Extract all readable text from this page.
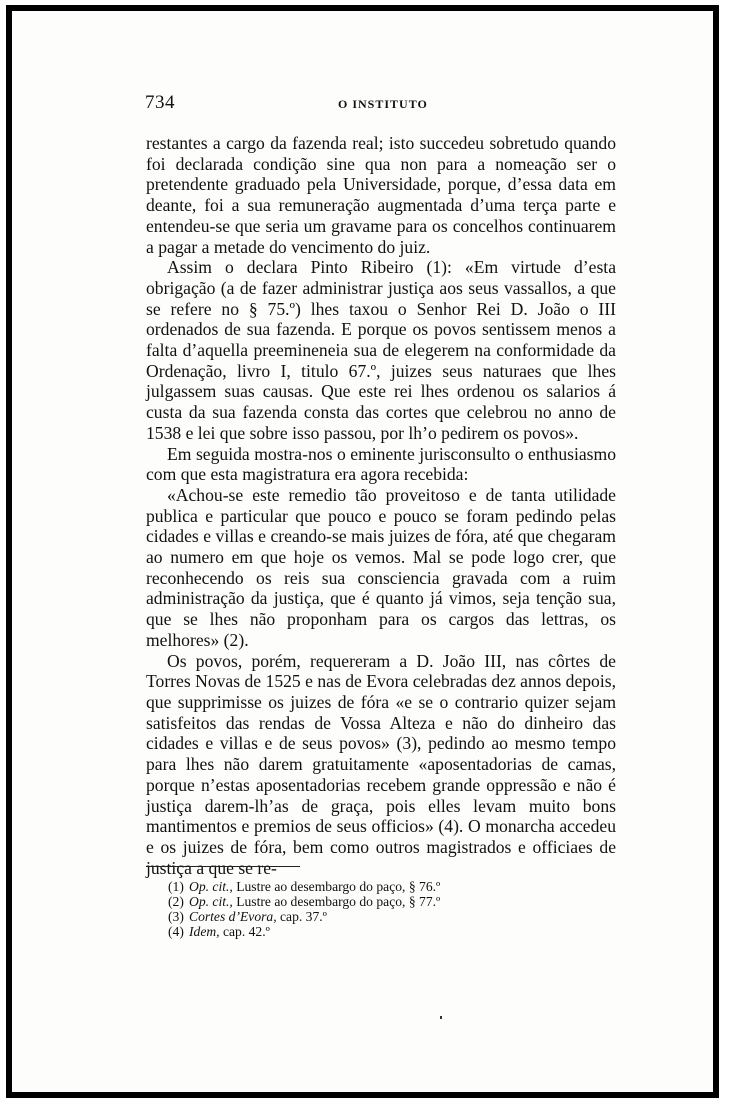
734	O INSTITUTO

restantes a cargo da fazenda real; isto succedeu sobretudo quando foi declarada condição sine qua non para a nomeação ser o pretendente graduado pela Universidade, porque, d’essa data em deante, foi a sua remuneração augmentada d’uma terça parte e entendeu-se que seria um gravame para os concelhos continuarem a pagar a metade do vencimento do juiz.

Assim o declara Pinto Ribeiro (1): «Em virtude d’esta obrigação (a de fazer administrar justiça aos seus vassallos, a que se refere no § 75.º) lhes taxou o Senhor Rei D. João o III ordenados de sua fazenda. E porque os povos sentissem menos a falta d’aquella preemineneia sua de elegerem na conformidade da Ordenação, livro I, titulo 67.º, juizes seus naturaes que lhes julgassem suas causas. Que este rei lhes ordenou os salarios á custa da sua fazenda consta das cortes que celebrou no anno de 1538 e lei que sobre isso passou, por lh’o pedirem os povos».

Em seguida mostra-nos o eminente jurisconsulto o enthusiasmo com que esta magistratura era agora recebida:

«Achou-se este remedio tão proveitoso e de tanta utilidade publica e particular que pouco e pouco se foram pedindo pelas cidades e villas e creando-se mais juizes de fóra, até que chegaram ao numero em que hoje os vemos. Mal se pode logo crer, que reconhecendo os reis sua consciencia gravada com a ruim administração da justiça, que é quanto já vimos, seja tenção sua, que se lhes não proponham para os cargos das lettras, os melhores» (2).

Os povos, porém, requereram a D. João III, nas côrtes de Torres Novas de 1525 e nas de Evora celebradas dez annos depois, que supprimisse os juizes de fóra «e se o contrario quizer sejam satisfeitos das rendas de Vossa Alteza e não do dinheiro das cidades e villas e de seus povos» (3), pedindo ao mesmo tempo para lhes não darem gratuitamente «aposentadorias de camas, porque n’estas aposentadorias recebem grande oppressão e não é justiça darem-lh’as de graça, pois elles levam muito bons mantimentos e premios de seus officios» (4). O monarcha accedeu e os juizes de fóra, bem como outros magistrados e officiaes de justiça a que se re-

(1) Op. cit., Lustre ao desembargo do paço, § 76.º
(2) Op. cit., Lustre ao desembargo do paço, § 77.º
(3) Cortes d’Evora, cap. 37.º
(4) Idem, cap. 42.º
